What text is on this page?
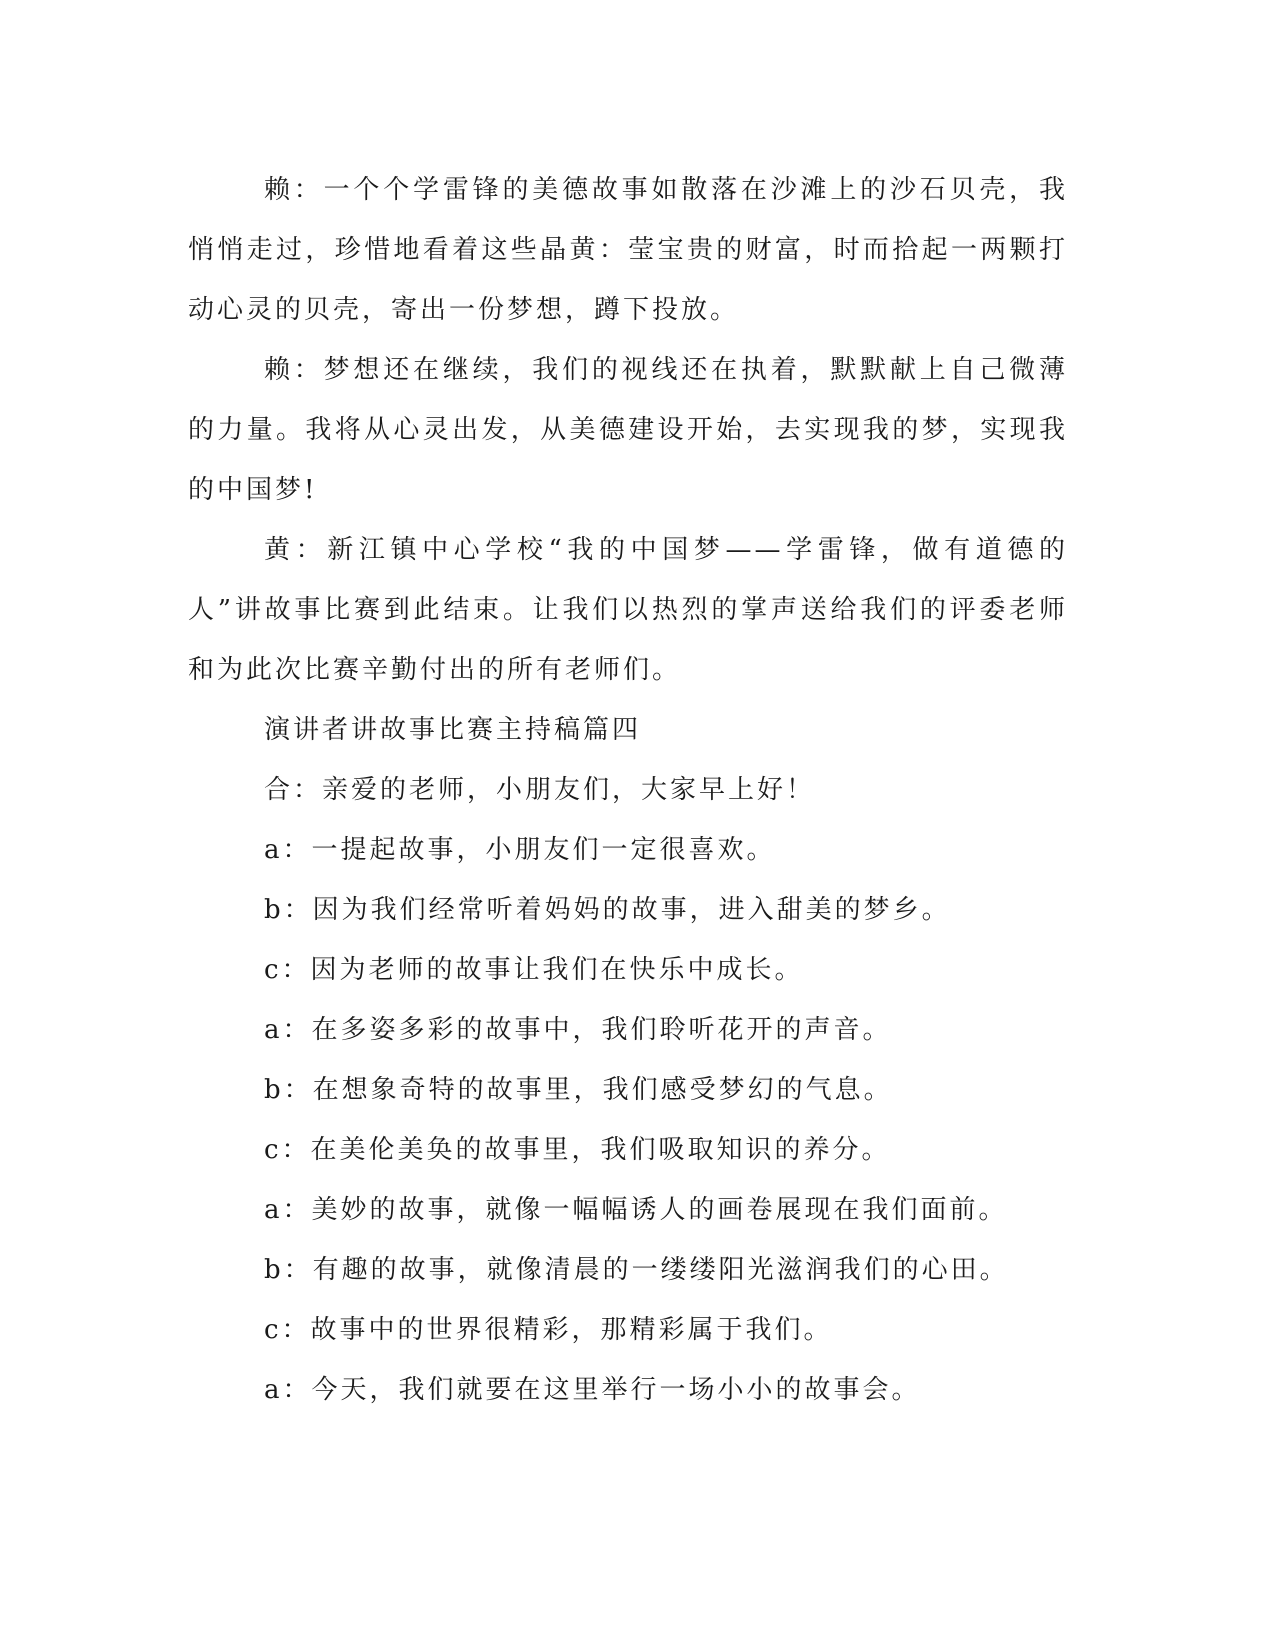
赖：一个个学雷锋的美德故事如散落在沙滩上的沙石贝壳，我悄悄走过，珍惜地看着这些晶黄：莹宝贵的财富，时而拾起一两颗打动心灵的贝壳，寄出一份梦想，蹲下投放。

赖：梦想还在继续，我们的视线还在执着，默默献上自己微薄的力量。我将从心灵出发，从美德建设开始，去实现我的梦，实现我的中国梦!

黄：新江镇中心学校“我的中国梦——学雷锋，做有道德的人”讲故事比赛到此结束。让我们以热烈的掌声送给我们的评委老师和为此次比赛辛勤付出的所有老师们。

演讲者讲故事比赛主持稿篇四

合：亲爱的老师，小朋友们，大家早上好！

a：一提起故事，小朋友们一定很喜欢。

b：因为我们经常听着妈妈的故事，进入甜美的梦乡。

c：因为老师的故事让我们在快乐中成长。

a：在多姿多彩的故事中，我们聆听花开的声音。

b：在想象奇特的故事里，我们感受梦幻的气息。

c：在美伦美奂的故事里，我们吸取知识的养分。

a：美妙的故事，就像一幅幅诱人的画卷展现在我们面前。

b：有趣的故事，就像清晨的一缕缕阳光滋润我们的心田。

c：故事中的世界很精彩，那精彩属于我们。

a：今天，我们就要在这里举行一场小小的故事会。
